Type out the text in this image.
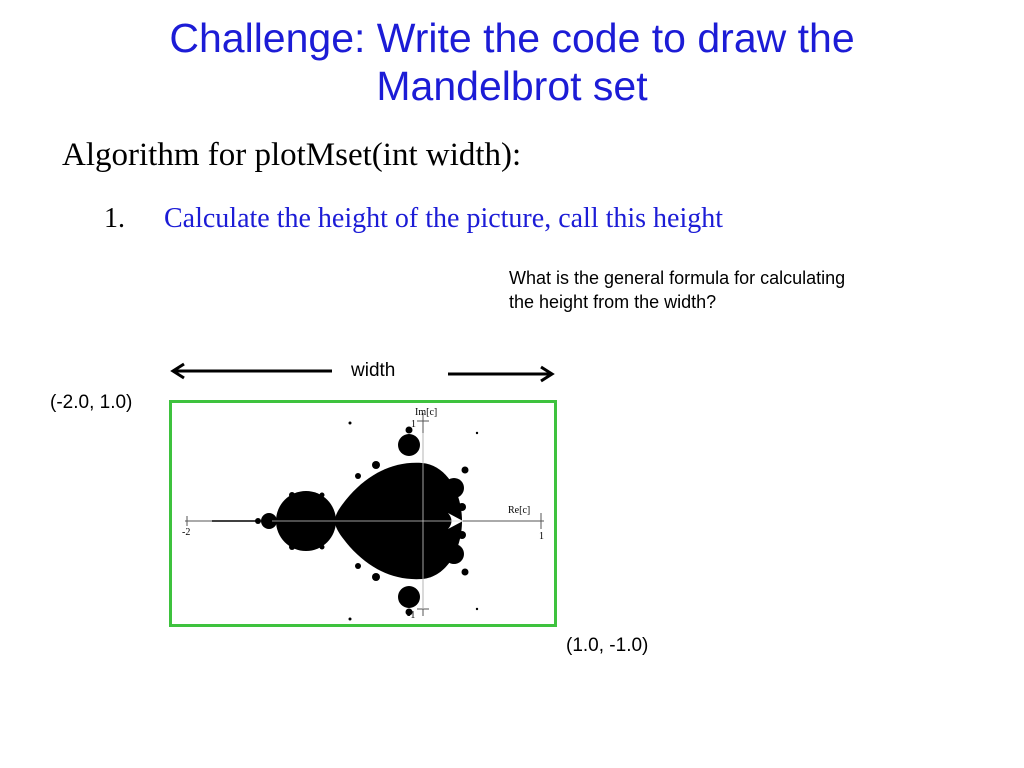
Challenge: Write the code to draw the
Mandelbrot set
Algorithm for plotMset(int width):
1. Calculate the height of the picture, call this height
What is the general formula for calculating
the height from the width?
width
(-2.0, 1.0)
(1.0, -1.0)
Im[c]
Re[c]
-2	-1	1
1
-1
